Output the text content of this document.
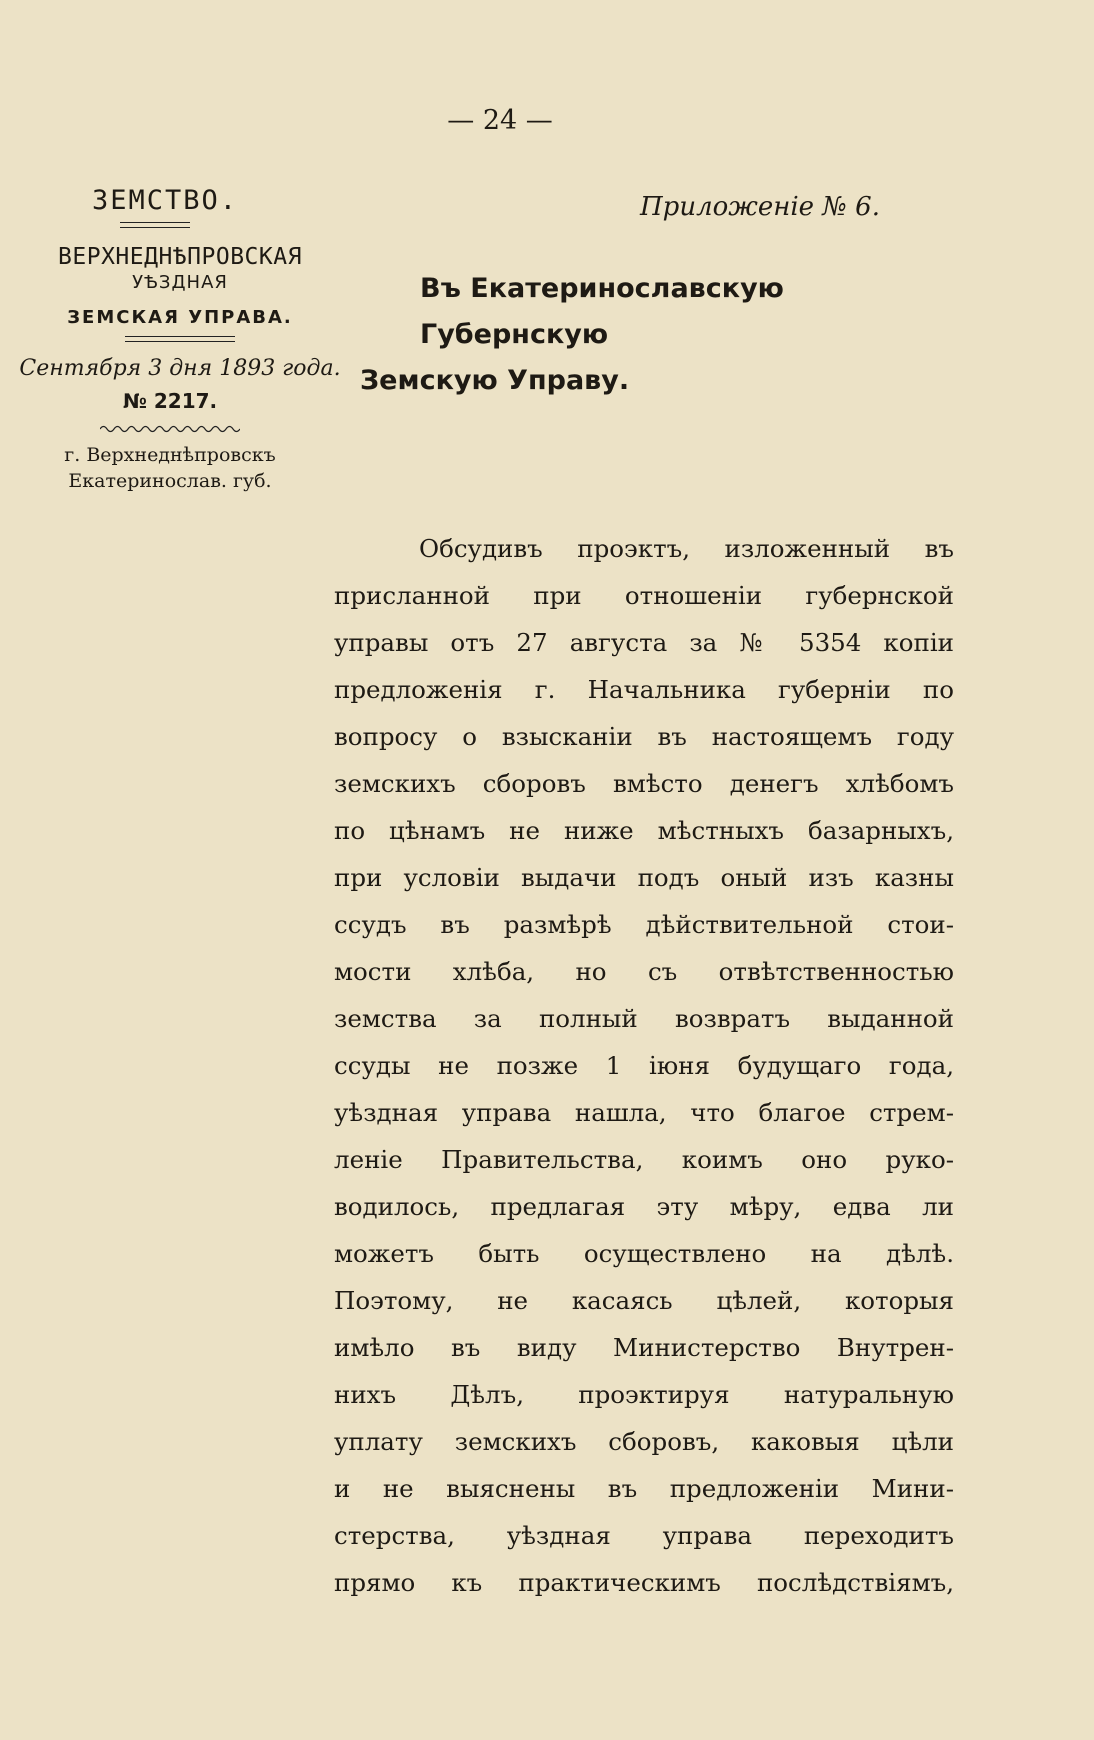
— 24 —
ЗЕМСТВО.
ВЕРХНЕДНѢПРОВСКАЯ
УѢЗДНАЯ
ЗЕМСКАЯ УПРАВА.
Сентября 3 дня 1893 года.
№ 2217.
г. Верхнеднѣпровскъ
Екатеринослав. губ.
Приложеніе № 6.
Въ Екатеринославскую Губернскую
Земскую Управу.
Обсудивъ проэктъ, изложенный въ
присланной при отношеніи губернской
управы отъ 27 августа за № 5354 копіи
предложенія г. Начальника губерніи по
вопросу о взысканіи въ настоящемъ году
земскихъ сборовъ вмѣсто денегъ хлѣбомъ
по цѣнамъ не ниже мѣстныхъ базарныхъ,
при условіи выдачи подъ оный изъ казны
ссудъ въ размѣрѣ дѣйствительной стои-
мости хлѣба, но съ отвѣтственностью
земства за полный возвратъ выданной
ссуды не позже 1 іюня будущаго года,
уѣздная управа нашла, что благое стрем-
леніе Правительства, коимъ оно руко-
водилось, предлагая эту мѣру, едва ли
можетъ быть осуществлено на дѣлѣ.
Поэтому, не касаясь цѣлей, которыя
имѣло въ виду Министерство Внутрен-
нихъ Дѣлъ, проэктируя натуральную
уплату земскихъ сборовъ, каковыя цѣли
и не выяснены въ предложеніи Мини-
стерства, уѣздная управа переходитъ
прямо къ практическимъ послѣдствіямъ,
